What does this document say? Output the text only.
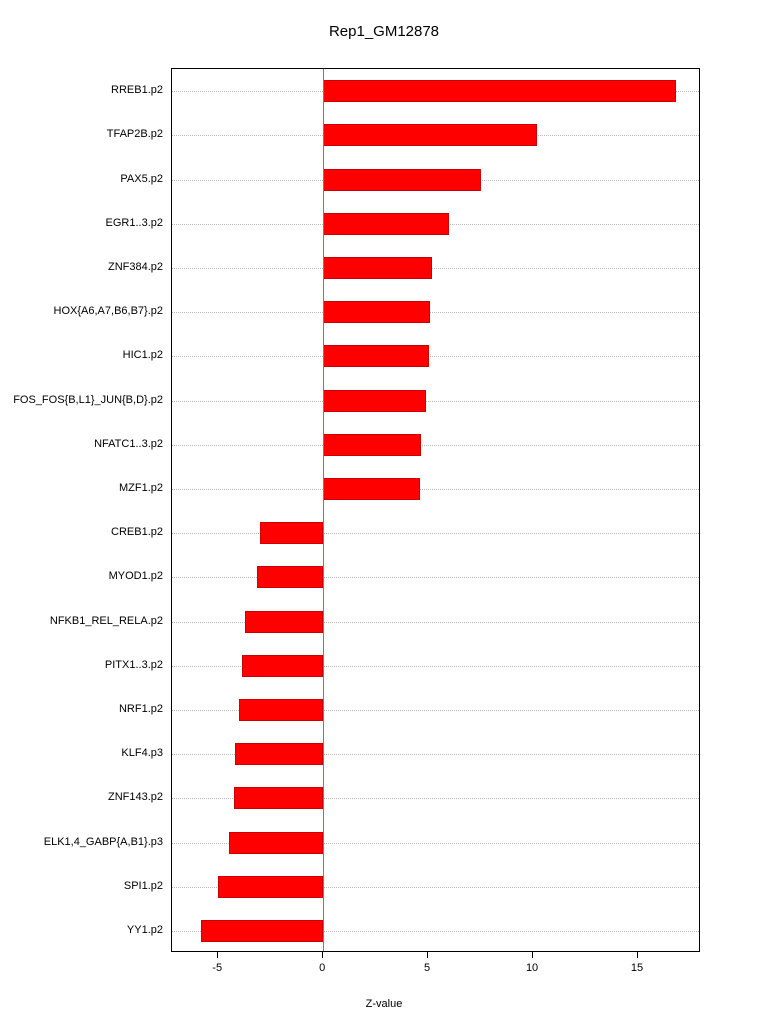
Rep1_GM12878
RREB1.p2
TFAP2B.p2
PAX5.p2
EGR1..3.p2
ZNF384.p2
HOX{A6,A7,B6,B7}.p2
HIC1.p2
FOS_FOS{B,L1}_JUN{B,D}.p2
NFATC1..3.p2
MZF1.p2
CREB1.p2
MYOD1.p2
NFKB1_REL_RELA.p2
PITX1..3.p2
NRF1.p2
KLF4.p3
ZNF143.p2
ELK1,4_GABP{A,B1}.p3
SPI1.p2
YY1.p2
Z-value
-5	0	5	10	15
